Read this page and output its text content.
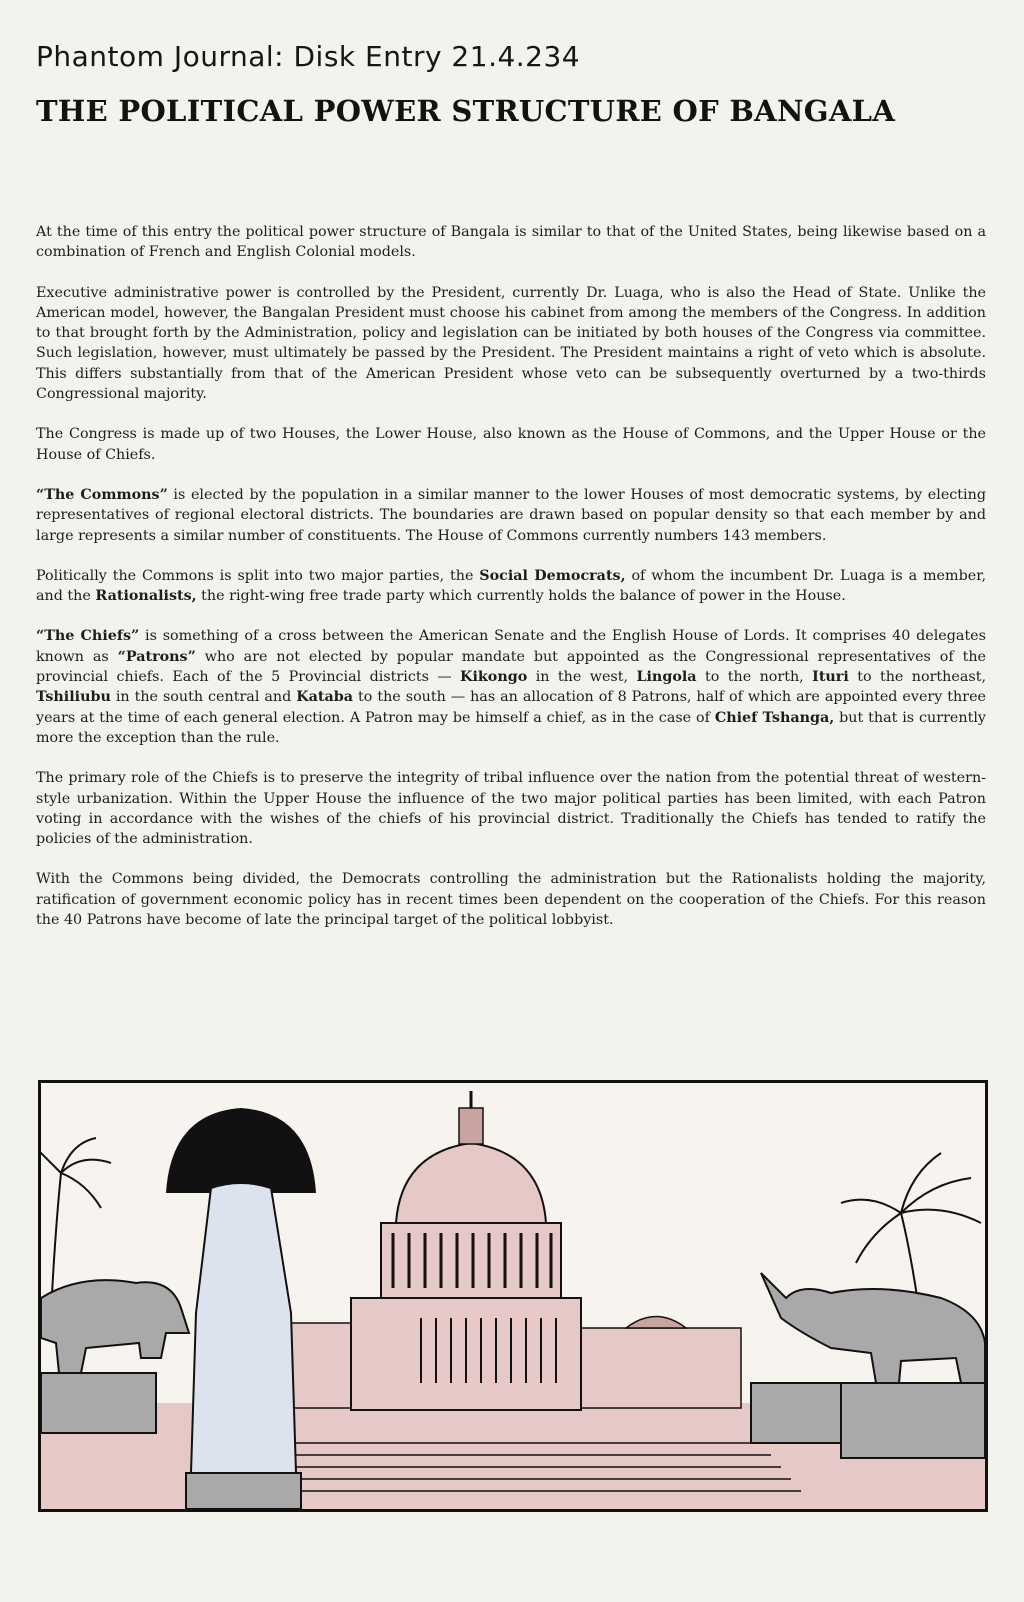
Phantom Journal: Disk Entry 21.4.234
THE POLITICAL POWER STRUCTURE OF BANGALA

At the time of this entry the political power structure of Bangala is similar to that of the United States, being likewise based on a combination of French and English Colonial models.

Executive administrative power is controlled by the President, currently Dr. Luaga, who is also the Head of State. Unlike the American model, however, the Bangalan President must choose his cabinet from among the members of the Congress. In addition to that brought forth by the Administration, policy and legislation can be initiated by both houses of the Congress via committee. Such legislation, however, must ultimately be passed by the President. The President maintains a right of veto which is absolute. This differs substantially from that of the American President whose veto can be subsequently overturned by a two-thirds Congressional majority.

The Congress is made up of two Houses, the Lower House, also known as the House of Commons, and the Upper House or the House of Chiefs.

“The Commons” is elected by the population in a similar manner to the lower Houses of most democratic systems, by electing representatives of regional electoral districts. The boundaries are drawn based on popular density so that each member by and large represents a similar number of constituents. The House of Commons currently numbers 143 members.

Politically the Commons is split into two major parties, the Social Democrats, of whom the incumbent Dr. Luaga is a member, and the Rationalists, the right-wing free trade party which currently holds the balance of power in the House.

“The Chiefs” is something of a cross between the American Senate and the English House of Lords. It comprises 40 delegates known as “Patrons” who are not elected by popular mandate but appointed as the Congressional representatives of the provincial chiefs. Each of the 5 Provincial districts — Kikongo in the west, Lingola to the north, Ituri to the northeast, Tshiliubu in the south central and Kataba to the south — has an allocation of 8 Patrons, half of which are appointed every three years at the time of each general election. A Patron may be himself a chief, as in the case of Chief Tshanga, but that is currently more the exception than the rule.

The primary role of the Chiefs is to preserve the integrity of tribal influence over the nation from the potential threat of western-style urbanization. Within the Upper House the influence of the two major political parties has been limited, with each Patron voting in accordance with the wishes of the chiefs of his provincial district. Traditionally the Chiefs has tended to ratify the policies of the administration.

With the Commons being divided, the Democrats controlling the administration but the Rationalists holding the majority, ratification of government economic policy has in recent times been dependent on the cooperation of the Chiefs. For this reason the 40 Patrons have become of late the principal target of the political lobbyist.
